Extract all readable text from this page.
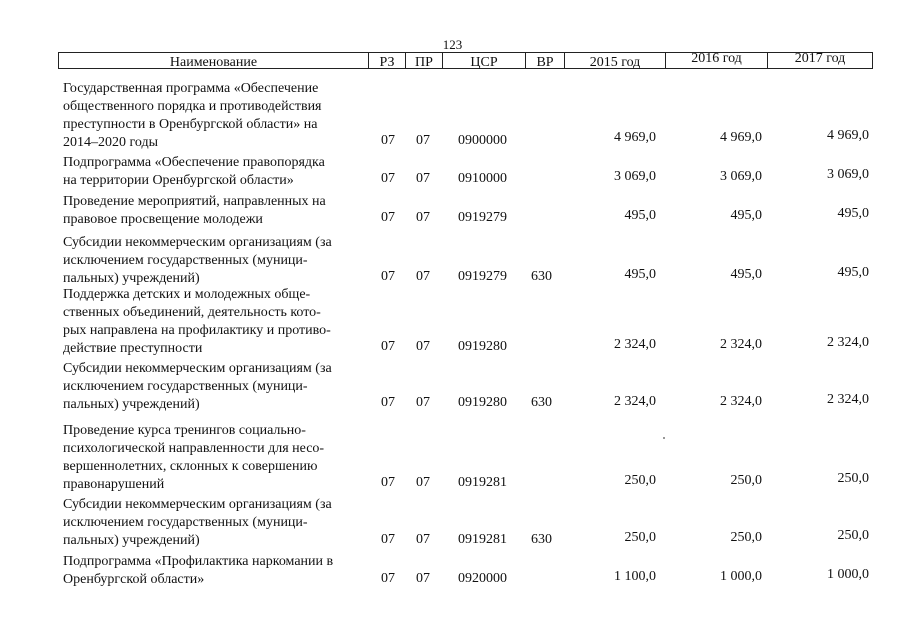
123
Наименование	РЗ	ПР	ЦСР	ВР	2015 год	2016 год	2017 год
Государственная программа «Обеспечение
общественного порядка и противодействия
преступности в Оренбургской области» на
2014–2020 годы	07 07 0900000	4 969,0	4 969,0	4 969,0
Подпрограмма «Обеспечение правопорядка
на территории Оренбургской области»	07 07 0910000	3 069,0	3 069,0	3 069,0
Проведение мероприятий, направленных на
правовое просвещение молодежи	07 07 0919279	495,0	495,0	495,0
Субсидии некоммерческим организациям (за
исключением государственных (муници-
пальных) учреждений)	07 07 0919279 630	495,0	495,0	495,0
Поддержка детских и молодежных обще-
ственных объединений, деятельность кото-
рых направлена на профилактику и противо-
действие преступности	07 07 0919280	2 324,0	2 324,0	2 324,0
Субсидии некоммерческим организациям (за
исключением государственных (муници-
пальных) учреждений)	07 07 0919280 630	2 324,0	2 324,0	2 324,0
Проведение курса тренингов социально-
психологической направленности для несо-
вершеннолетних, склонных к совершению
правонарушений	07 07 0919281	250,0	250,0	250,0
Субсидии некоммерческим организациям (за
исключением государственных (муници-
пальных) учреждений)	07 07 0919281 630	250,0	250,0	250,0
Подпрограмма «Профилактика наркомании в
Оренбургской области»	07 07 0920000	1 100,0	1 000,0	1 000,0
